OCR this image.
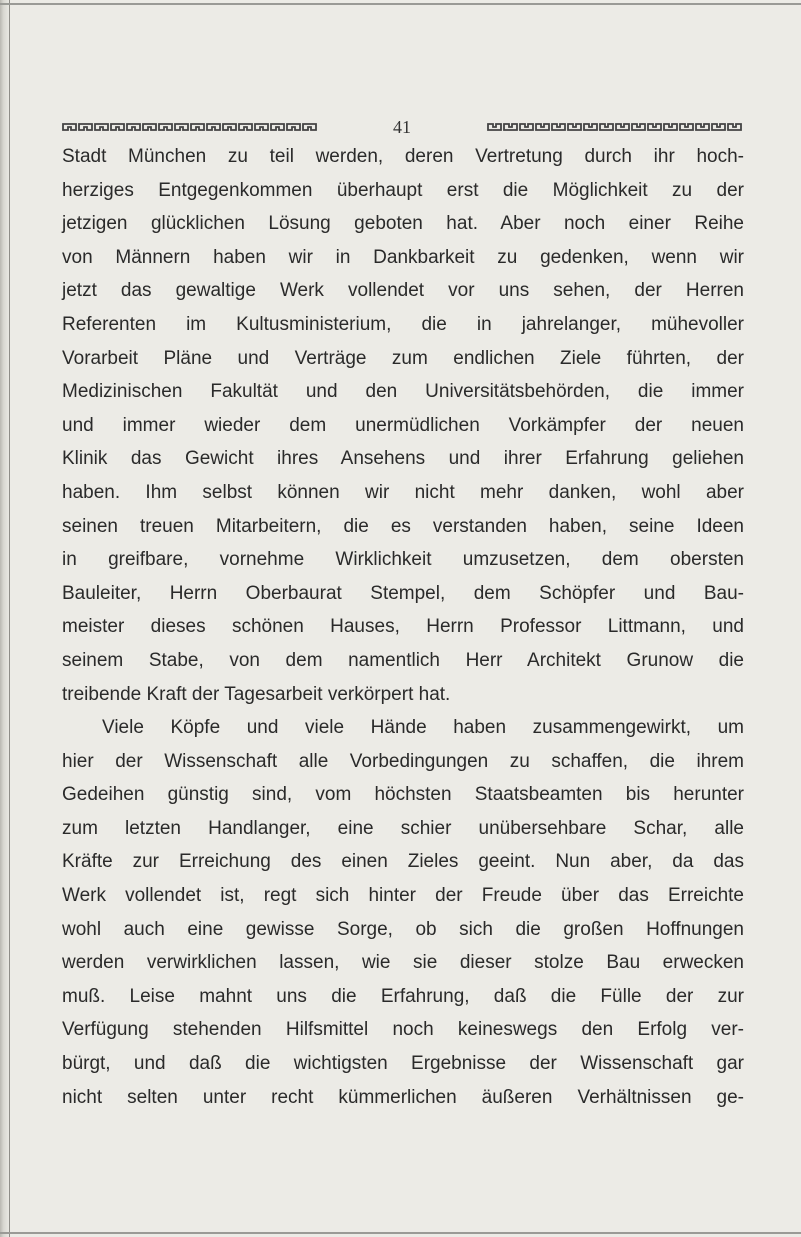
41
Stadt München zu teil werden, deren Vertretung durch ihr hoch-
herziges Entgegenkommen überhaupt erst die Möglichkeit zu der
jetzigen glücklichen Lösung geboten hat. Aber noch einer Reihe
von Männern haben wir in Dankbarkeit zu gedenken, wenn wir
jetzt das gewaltige Werk vollendet vor uns sehen, der Herren
Referenten im Kultusministerium, die in jahrelanger, mühevoller
Vorarbeit Pläne und Verträge zum endlichen Ziele führten, der
Medizinischen Fakultät und den Universitätsbehörden, die immer
und immer wieder dem unermüdlichen Vorkämpfer der neuen
Klinik das Gewicht ihres Ansehens und ihrer Erfahrung geliehen
haben. Ihm selbst können wir nicht mehr danken, wohl aber
seinen treuen Mitarbeitern, die es verstanden haben, seine Ideen
in greifbare, vornehme Wirklichkeit umzusetzen, dem obersten
Bauleiter, Herrn Oberbaurat Stempel, dem Schöpfer und Bau-
meister dieses schönen Hauses, Herrn Professor Littmann, und
seinem Stabe, von dem namentlich Herr Architekt Grunow die
treibende Kraft der Tagesarbeit verkörpert hat.
Viele Köpfe und viele Hände haben zusammengewirkt, um
hier der Wissenschaft alle Vorbedingungen zu schaffen, die ihrem
Gedeihen günstig sind, vom höchsten Staatsbeamten bis herunter
zum letzten Handlanger, eine schier unübersehbare Schar, alle
Kräfte zur Erreichung des einen Zieles geeint. Nun aber, da das
Werk vollendet ist, regt sich hinter der Freude über das Erreichte
wohl auch eine gewisse Sorge, ob sich die großen Hoffnungen
werden verwirklichen lassen, wie sie dieser stolze Bau erwecken
muß. Leise mahnt uns die Erfahrung, daß die Fülle der zur
Verfügung stehenden Hilfsmittel noch keineswegs den Erfolg ver-
bürgt, und daß die wichtigsten Ergebnisse der Wissenschaft gar
nicht selten unter recht kümmerlichen äußeren Verhältnissen ge-
